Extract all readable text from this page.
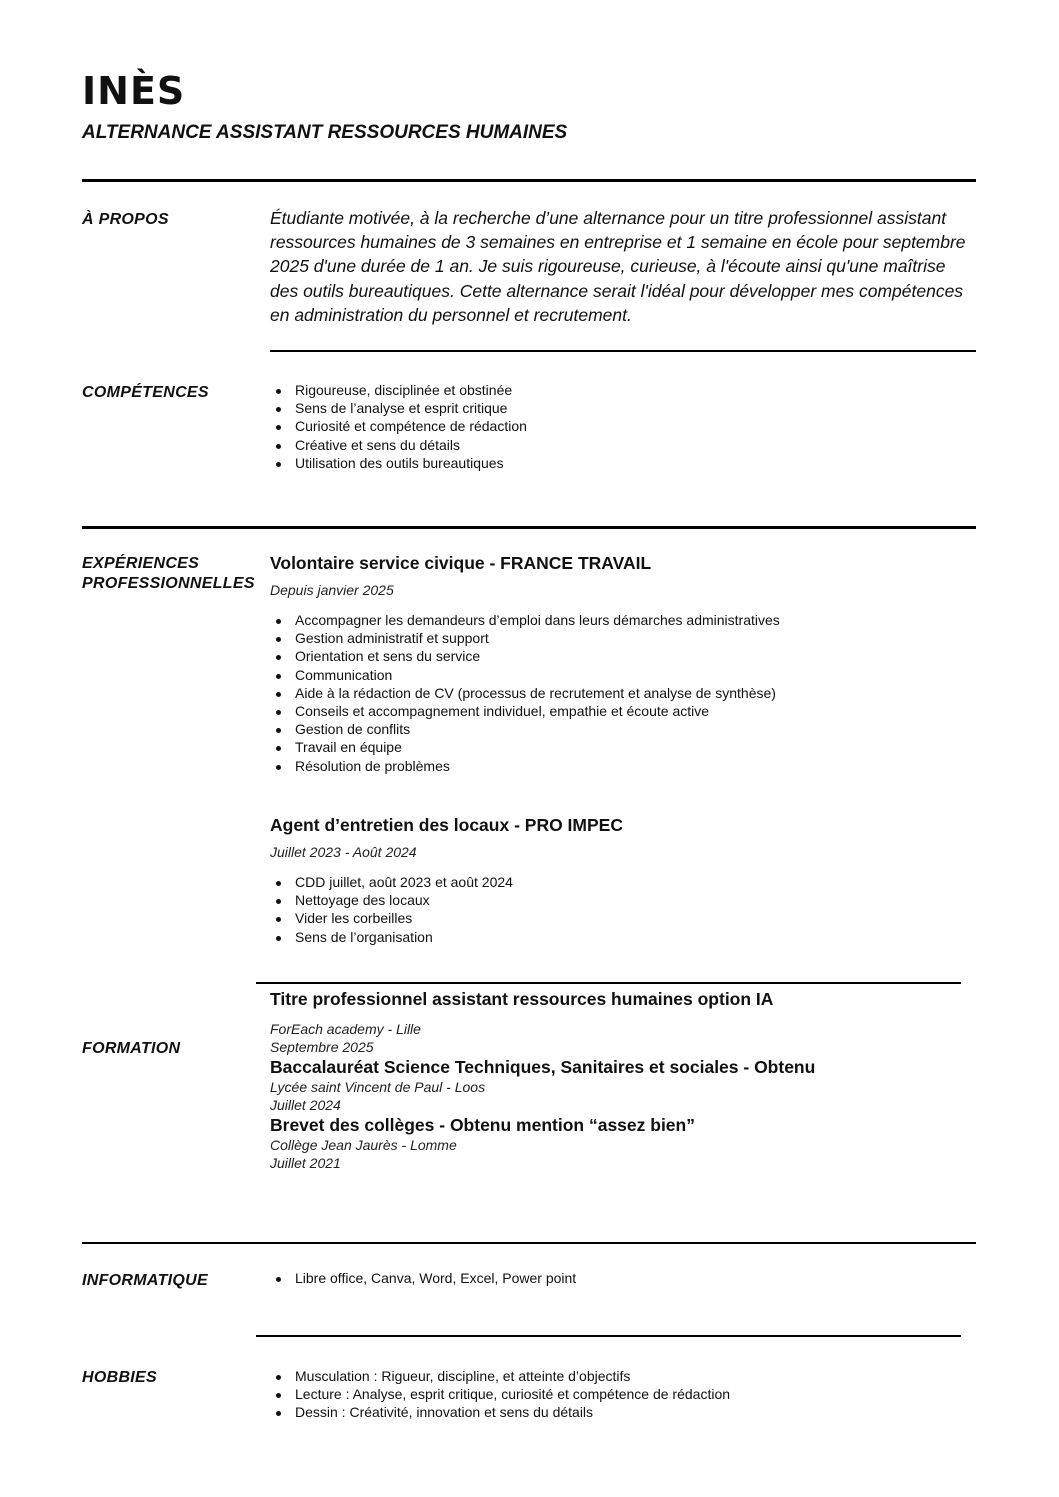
INÈS
ALTERNANCE ASSISTANT RESSOURCES HUMAINES

À PROPOS	Étudiante motivée, à la recherche d’une alternance pour un titre professionnel assistant ressources humaines de 3 semaines en entreprise et 1 semaine en école pour septembre 2025 d'une durée de 1 an. Je suis rigoureuse, curieuse, à l'écoute ainsi qu'une maîtrise des outils bureautiques. Cette alternance serait l'idéal pour développer mes compétences en administration du personnel et recrutement.

COMPÉTENCES	Rigoureuse, disciplinée et obstinée
Sens de l’analyse et esprit critique
Curiosité et compétence de rédaction
Créative et sens du détails
Utilisation des outils bureautiques

EXPÉRIENCES
PROFESSIONNELLES

Volontaire service civique - FRANCE TRAVAIL

Depuis janvier 2025

Accompagner les demandeurs d’emploi dans leurs démarches administratives
Gestion administratif et support
Orientation et sens du service
Communication
Aide à la rédaction de CV (processus de recrutement et analyse de synthèse)
Conseils et accompagnement individuel, empathie et écoute active
Gestion de conflits
Travail en équipe
Résolution de problèmes

Agent d’entretien des locaux - PRO IMPEC

Juillet 2023 - Août 2024

CDD juillet, août 2023 et août 2024
Nettoyage des locaux
Vider les corbeilles
Sens de l’organisation

FORMATION

Titre professionnel assistant ressources humaines option IA
ForEach academy - Lille
Septembre 2025
Baccalauréat Science Techniques, Sanitaires et sociales - Obtenu
Lycée saint Vincent de Paul - Loos
Juillet 2024
Brevet des collèges - Obtenu mention “assez bien”
Collège Jean Jaurès - Lomme
Juillet 2021

INFORMATIQUE	Libre office, Canva, Word, Excel, Power point

HOBBIES	Musculation : Rigueur, discipline, et atteinte d’objectifs
Lecture : Analyse, esprit critique, curiosité et compétence de rédaction
Dessin : Créativité, innovation et sens du détails
